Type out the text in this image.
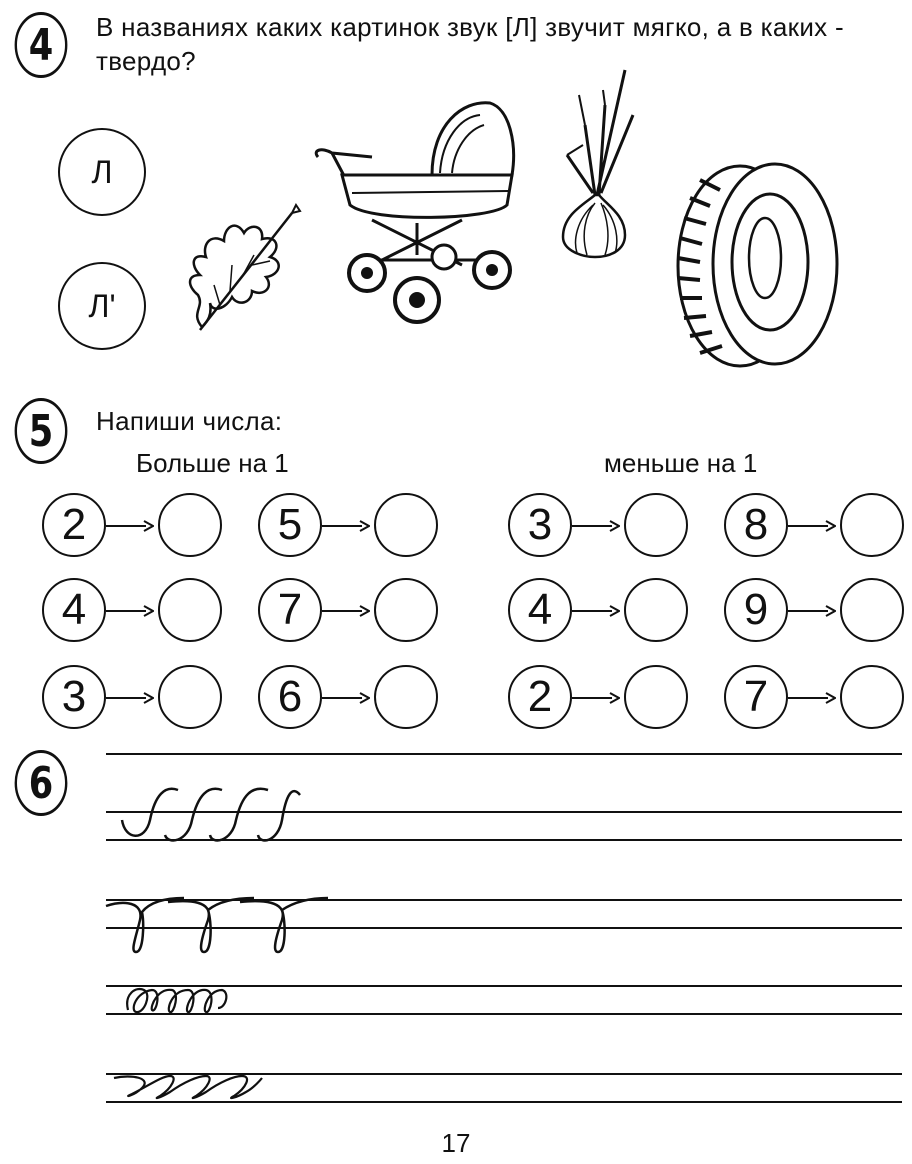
4 В названиях каких картинок звук [Л] звучит мягко, а в каких - твердо?
Л
Л'
5 Напиши числа:
Больше на 1	меньше на 1
2
4
3
5
7
6
3
4
2
8
9
7
6
17
